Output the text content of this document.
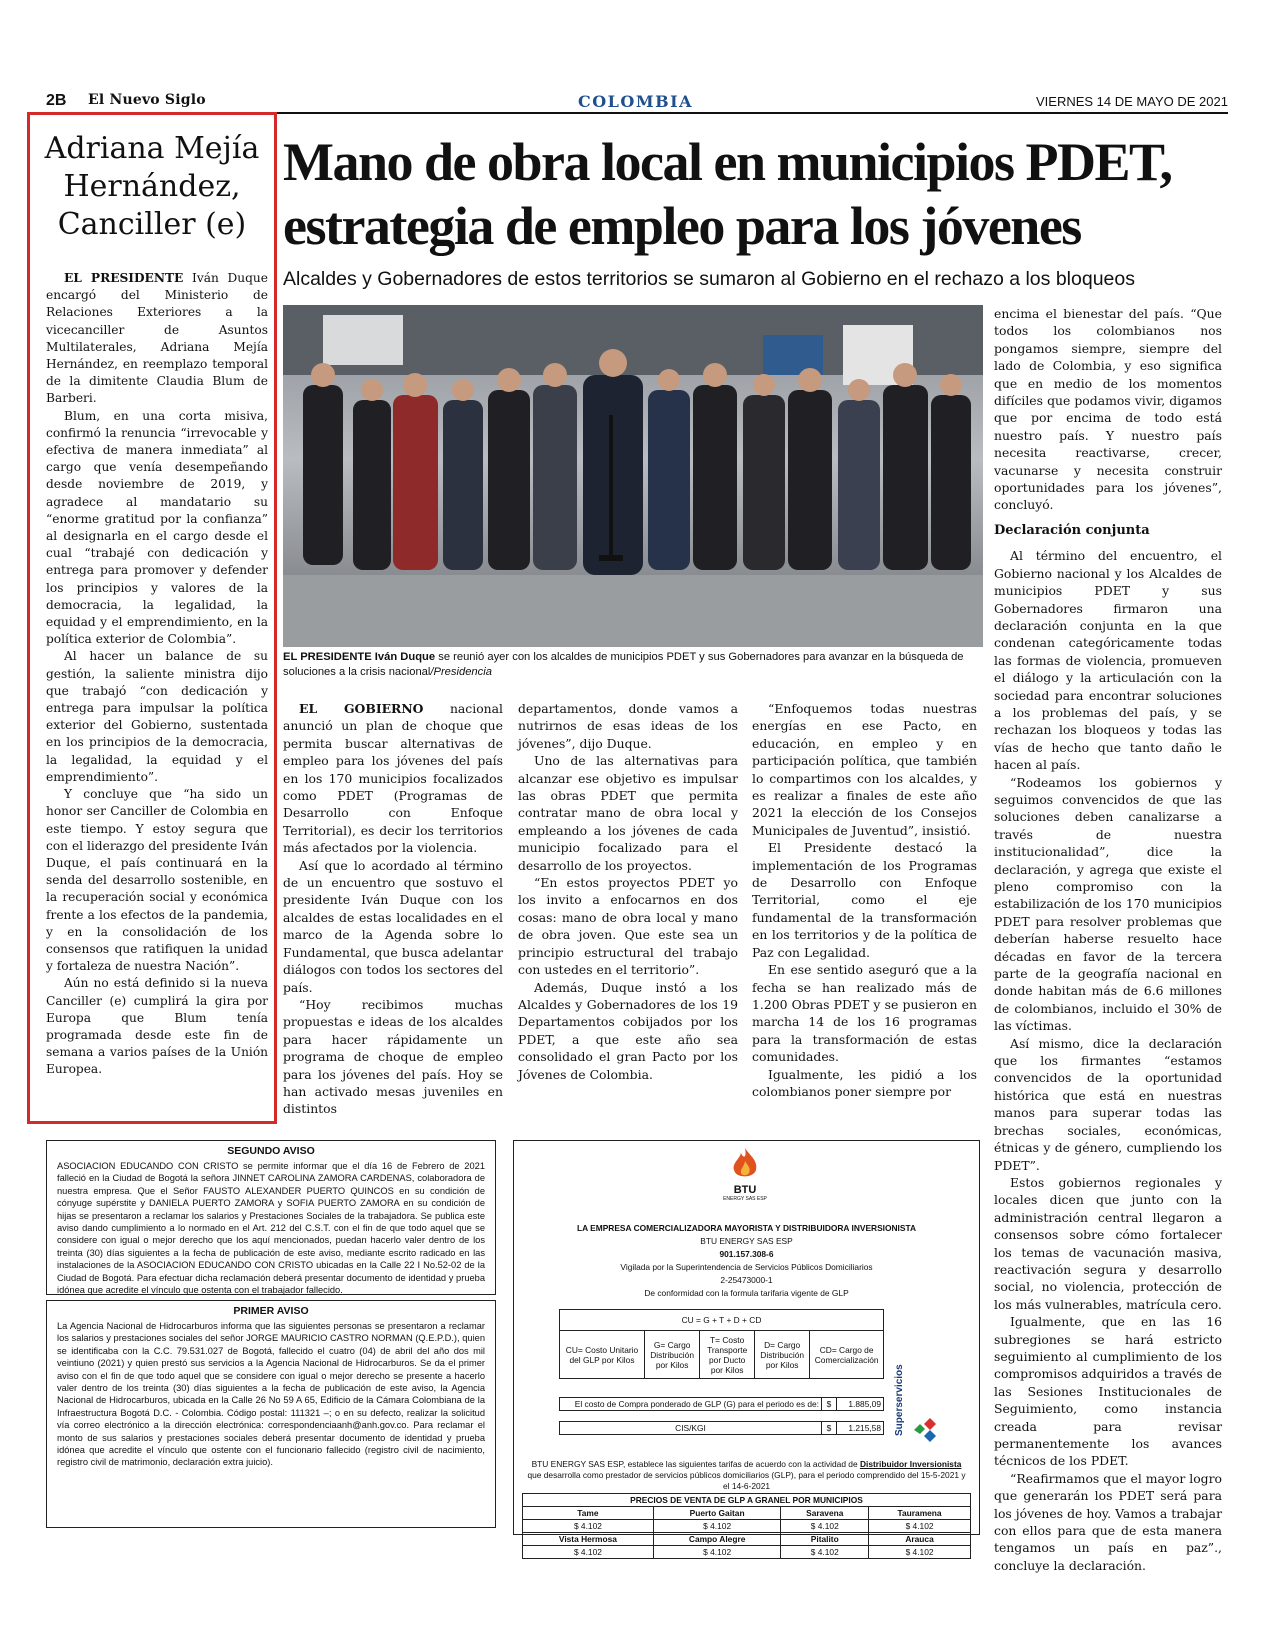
2B El Nuevo Siglo	COLOMBIA	VIERNES 14 DE MAYO DE 2021
Adriana Mejía Hernández, Canciller (e)

EL PRESIDENTE Iván Duque encargó del Ministerio de Relaciones Exteriores a la vicecanciller de Asuntos Multilaterales, Adriana Mejía Hernández, en reemplazo temporal de la dimitente Claudia Blum de Barberi.

Blum, en una corta misiva, confirmó la renuncia “irrevocable y efectiva de manera inmediata” al cargo que venía desempeñando desde noviembre de 2019, y agradece al mandatario su “enorme gratitud por la confianza” al designarla en el cargo desde el cual “trabajé con dedicación y entrega para promover y defender los principios y valores de la democracia, la legalidad, la equidad y el emprendimiento, en la política exterior de Colombia”.

Al hacer un balance de su gestión, la saliente ministra dijo que trabajó “con dedicación y entrega para impulsar la política exterior del Gobierno, sustentada en los principios de la democracia, la legalidad, la equidad y el emprendimiento”.

Y concluye que “ha sido un honor ser Canciller de Colombia en este tiempo. Y estoy segura que con el liderazgo del presidente Iván Duque, el país continuará en la senda del desarrollo sostenible, en la recuperación social y económica frente a los efectos de la pandemia, y en la consolidación de los consensos que ratifiquen la unidad y fortaleza de nuestra Nación”.

Aún no está definido si la nueva Canciller (e) cumplirá la gira por Europa que Blum tenía programada desde este fin de semana a varios países de la Unión Europea.

Mano de obra local en municipios PDET, estrategia de empleo para los jóvenes
Alcaldes y Gobernadores de estos territorios se sumaron al Gobierno en el rechazo a los bloqueos
EL PRESIDENTE Iván Duque se reunió ayer con los alcaldes de municipios PDET y sus Gobernadores para avanzar en la búsqueda de soluciones a la crisis nacional/Presidencia

EL GOBIERNO nacional anunció un plan de choque que permita buscar alternativas de empleo para los jóvenes del país en los 170 municipios focalizados como PDET (Programas de Desarrollo con Enfoque Territorial), es decir los territorios más afectados por la violencia.

Así que lo acordado al término de un encuentro que sostuvo el presidente Iván Duque con los alcaldes de estas localidades en el marco de la Agenda sobre lo Fundamental, que busca adelantar diálogos con todos los sectores del país.

“Hoy recibimos muchas propuestas e ideas de los alcaldes para hacer rápidamente un programa de choque de empleo para los jóvenes del país. Hoy se han activado mesas juveniles en distintos

departamentos, donde vamos a nutrirnos de esas ideas de los jóvenes”, dijo Duque.

Uno de las alternativas para alcanzar ese objetivo es impulsar las obras PDET que permita contratar mano de obra local y empleando a los jóvenes de cada municipio focalizado para el desarrollo de los proyectos.

“En estos proyectos PDET yo los invito a enfocarnos en dos cosas: mano de obra local y mano de obra joven. Que este sea un principio estructural del trabajo con ustedes en el territorio”.

Además, Duque instó a los Alcaldes y Gobernadores de los 19 Departamentos cobijados por los PDET, a que este año sea consolidado el gran Pacto por los Jóvenes de Colombia.

“Enfoquemos todas nuestras energías en ese Pacto, en educación, en empleo y en participación política, que también lo compartimos con los alcaldes, y es realizar a finales de este año 2021 la elección de los Consejos Municipales de Juventud”, insistió.

El Presidente destacó la implementación de los Programas de Desarrollo con Enfoque Territorial, como el eje fundamental de la transformación en los territorios y de la política de Paz con Legalidad.

En ese sentido aseguró que a la fecha se han realizado más de 1.200 Obras PDET y se pusieron en marcha 14 de los 16 programas para la transformación de estas comunidades.

Igualmente, les pidió a los colombianos poner siempre por

encima el bienestar del país. “Que todos los colombianos nos pongamos siempre, siempre del lado de Colombia, y eso significa que en medio de los momentos difíciles que podamos vivir, digamos que por encima de todo está nuestro país. Y nuestro país necesita reactivarse, crecer, vacunarse y necesita construir oportunidades para los jóvenes”, concluyó.

Declaración conjunta

Al término del encuentro, el Gobierno nacional y los Alcaldes de municipios PDET y sus Gobernadores firmaron una declaración conjunta en la que condenan categóricamente todas las formas de violencia, promueven el diálogo y la articulación con la sociedad para encontrar soluciones a los problemas del país, y se rechazan los bloqueos y todas las vías de hecho que tanto daño le hacen al país.

“Rodeamos los gobiernos y seguimos convencidos de que las soluciones deben canalizarse a través de nuestra institucionalidad”, dice la declaración, y agrega que existe el pleno compromiso con la estabilización de los 170 municipios PDET para resolver problemas que deberían haberse resuelto hace décadas en favor de la tercera parte de la geografía nacional en donde habitan más de 6.6 millones de colombianos, incluido el 30% de las víctimas.

Así mismo, dice la declaración que los firmantes “estamos convencidos de la oportunidad histórica que está en nuestras manos para superar todas las brechas sociales, económicas, étnicas y de género, cumpliendo los PDET”.

Estos gobiernos regionales y locales dicen que junto con la administración central llegaron a consensos sobre cómo fortalecer los temas de vacunación masiva, reactivación segura y desarrollo social, no violencia, protección de los más vulnerables, matrícula cero.

Igualmente, que en las 16 subregiones se hará estricto seguimiento al cumplimiento de los compromisos adquiridos a través de las Sesiones Institucionales de Seguimiento, como instancia creada para revisar permanentemente los avances técnicos de los PDET.

“Reafirmamos que el mayor logro que generarán los PDET será para los jóvenes de hoy. Vamos a trabajar con ellos para que de esta manera tengamos un país en paz”., concluye la declaración.

SEGUNDO AVISO

ASOCIACION EDUCANDO CON CRISTO se permite informar que el día 16 de Febrero de 2021 falleció en la Ciudad de Bogotá la señora JINNET CAROLINA ZAMORA CARDENAS, colaboradora de nuestra empresa. Que el Señor FAUSTO ALEXANDER PUERTO QUINCOS en su condición de cónyuge supérstite y DANIELA PUERTO ZAMORA y SOFIA PUERTO ZAMORA en su condición de hijas se presentaron a reclamar los salarios y Prestaciones Sociales de la trabajadora. Se publica este aviso dando cumplimiento a lo normado en el Art. 212 del C.S.T. con el fin de que todo aquel que se considere con igual o mejor derecho que los aquí mencionados, puedan hacerlo valer dentro de los treinta (30) días siguientes a la fecha de publicación de este aviso, mediante escrito radicado en las instalaciones de la ASOCIACION EDUCANDO CON CRISTO ubicadas en la Calle 22 I No.52-02 de la Ciudad de Bogotá. Para efectuar dicha reclamación deberá presentar documento de identidad y prueba idónea que acredite el vínculo que ostenta con el trabajador fallecido.

PRIMER AVISO

La Agencia Nacional de Hidrocarburos informa que las siguientes personas se presentaron a reclamar los salarios y prestaciones sociales del señor JORGE MAURICIO CASTRO NORMAN (Q.E.P.D.), quien se identificaba con la C.C. 79.531.027 de Bogotá, fallecido el cuatro (04) de abril del año dos mil veintiuno (2021) y quien prestó sus servicios a la Agencia Nacional de Hidrocarburos. Se da el primer aviso con el fin de que todo aquel que se considere con igual o mejor derecho se presente a hacerlo valer dentro de los treinta (30) días siguientes a la fecha de publicación de este aviso, la Agencia Nacional de Hidrocarburos, ubicada en la Calle 26 No 59 A 65, Edificio de la Cámara Colombiana de la Infraestructura Bogotá D.C. - Colombia. Código postal: 111321 –; o en su defecto, realizar la solicitud vía correo electrónico a la dirección electrónica: correspondenciaanh@anh.gov.co. Para reclamar el monto de sus salarios y prestaciones sociales deberá presentar documento de identidad y prueba idónea que acredite el vínculo que ostente con el funcionario fallecido (registro civil de nacimiento, registro civil de matrimonio, declaración extra juicio).

BTU
ENERGY SAS ESP
LA EMPRESA COMERCIALIZADORA MAYORISTA Y DISTRIBUIDORA INVERSIONISTA
BTU ENERGY SAS ESP
901.157.308-6
Vigilada por la Superintendencia de Servicios Públicos Domiciliarios
2-25473000-1
De conformidad con la formula tarifaria vigente de GLP
CU = G + T + D + CD
CU= Costo Unitario del GLP por Kilos	G= Cargo Distribución por Kilos	T= Costo Transporte por Ducto por Kilos	D= Cargo Distribución por Kilos	CD= Cargo de Comercialización
El costo de Compra ponderado de GLP (G) para el periodo es de:	$	1.885,09
CIS/KGI	$	1.215,58 Superservicios

BTU ENERGY SAS ESP, establece las siguientes tarifas de acuerdo con la actividad de Distribuidor Inversionista que desarrolla como prestador de servicios públicos domiciliarios (GLP), para el periodo comprendido del 15-5-2021 y el 14-6-2021

PRECIOS DE VENTA DE GLP A GRANEL POR MUNICIPIOS			
Tame	Puerto Gaitan	Saravena	Tauramena
$ 4.102	$ 4.102	$ 4.102	$ 4.102
Vista Hermosa	Campo Alegre	Pitalito	Arauca
$ 4.102	$ 4.102	$ 4.102	$ 4.102
